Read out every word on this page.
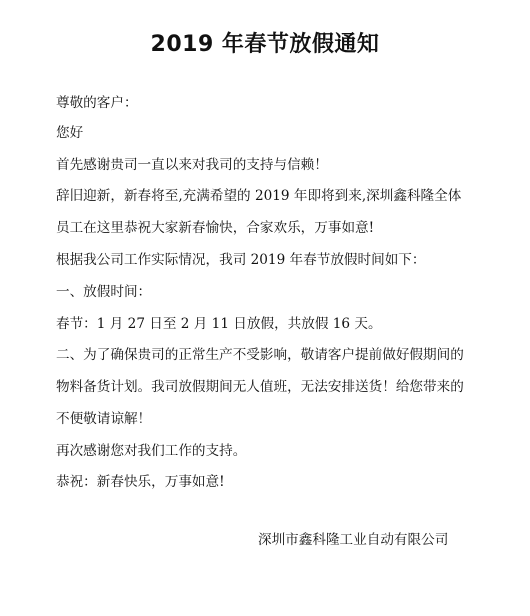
2019 年春节放假通知
尊敬的客户：
您好
首先感谢贵司一直以来对我司的支持与信赖！
辞旧迎新，新春将至,充满希望的 2019 年即将到来,深圳鑫科隆全体
员工在这里恭祝大家新春愉快，合家欢乐，万事如意!
根据我公司工作实际情况，我司 2019 年春节放假时间如下：
一、放假时间：
春节：1 月 27 日至 2 月 11 日放假，共放假 16 天。
二、为了确保贵司的正常生产不受影响，敬请客户提前做好假期间的
物料备货计划。我司放假期间无人值班，无法安排送货！给您带来的
不便敬请谅解！
再次感谢您对我们工作的支持。
恭祝：新春快乐，万事如意!
深圳市鑫科隆工业自动有限公司
